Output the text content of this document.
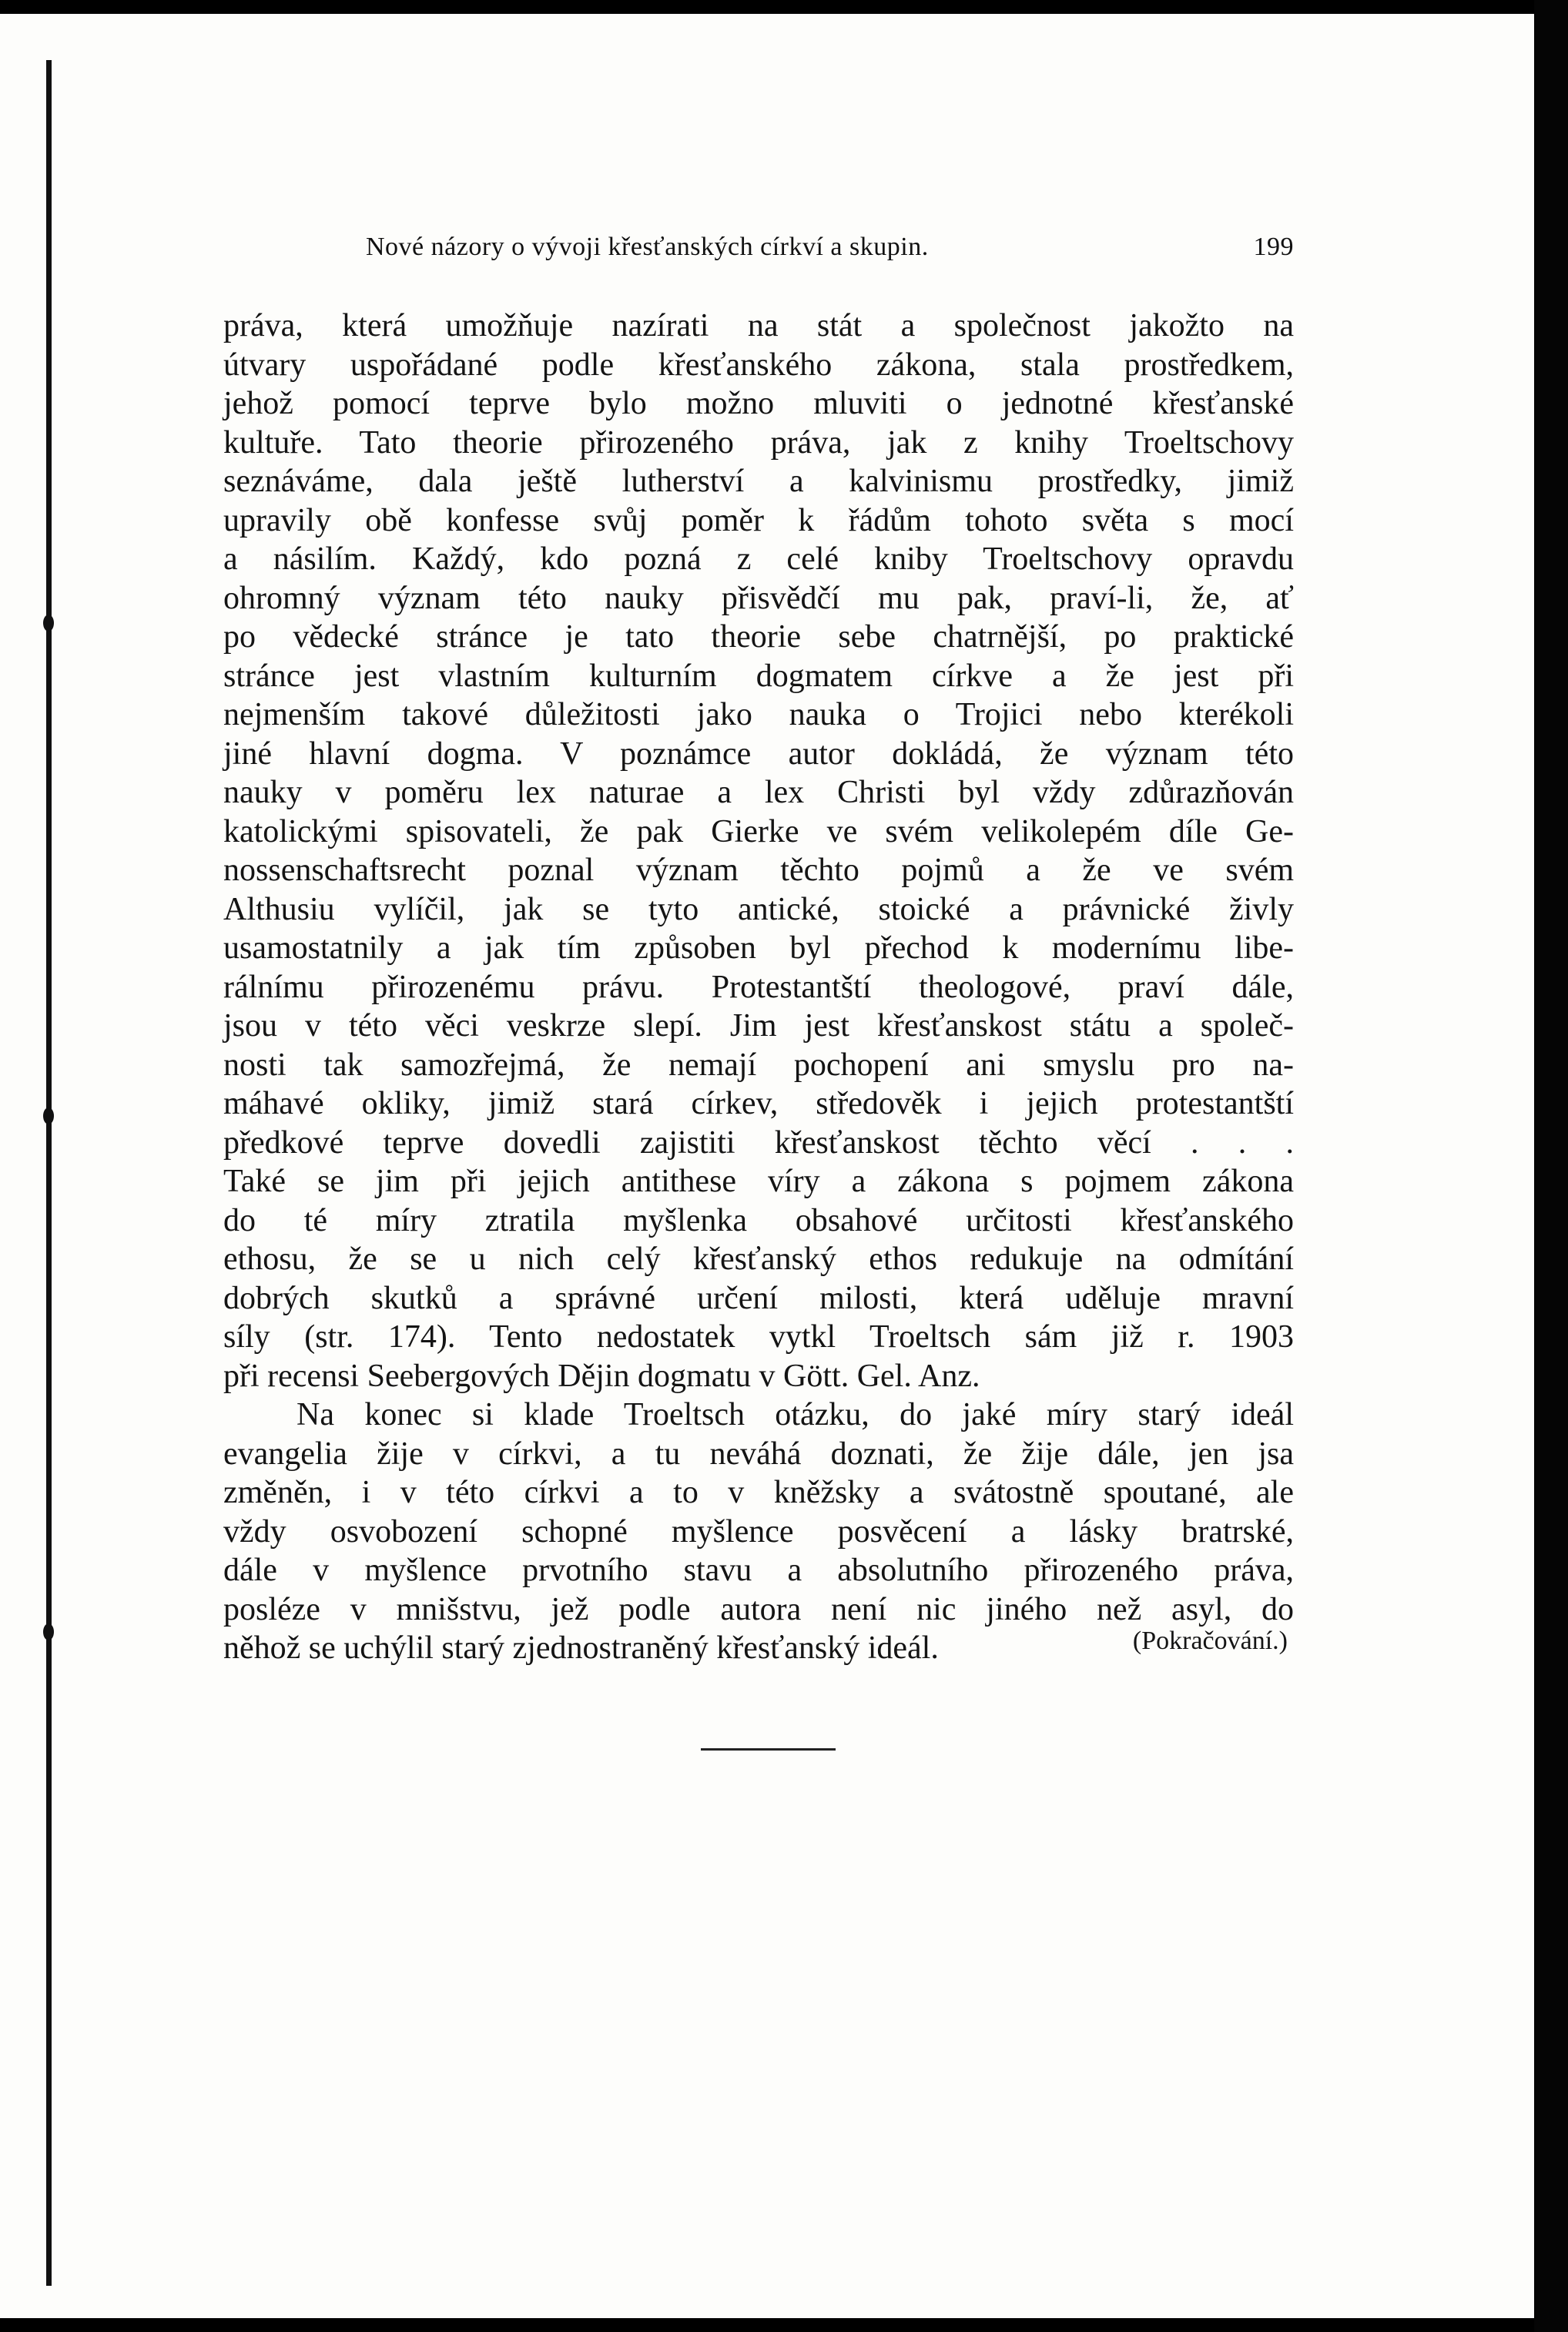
Nové názory o vývoji křesťanských církví a skupin.	199
práva, která umožňuje nazírati na stát a společnost jakožto na
útvary uspořádané podle křesťanského zákona, stala prostředkem,
jehož pomocí teprve bylo možno mluviti o jednotné křesťanské
kultuře. Tato theorie přirozeného práva, jak z knihy Troeltschovy
seznáváme, dala ještě lutherství a kalvinismu prostředky, jimiž
upravily obě konfesse svůj poměr k řádům tohoto světa s mocí
a násilím. Každý, kdo pozná z celé kniby Troeltschovy opravdu
ohromný význam této nauky přisvědčí mu pak, praví-li, že, ať
po vědecké stránce je tato theorie sebe chatrnější, po praktické
stránce jest vlastním kulturním dogmatem církve a že jest při
nejmenším takové důležitosti jako nauka o Trojici nebo kterékoli
jiné hlavní dogma. V poznámce autor dokládá, že význam této
nauky v poměru lex naturae a lex Christi byl vždy zdůrazňován
katolickými spisovateli, že pak Gierke ve svém velikolepém díle Ge-
nossenschaftsrecht poznal význam těchto pojmů a že ve svém
Althusiu vylíčil, jak se tyto antické, stoické a právnické živly
usamostatnily a jak tím způsoben byl přechod k modernímu libe-
rálnímu přirozenému právu. Protestantští theologové, praví dále,
jsou v této věci veskrze slepí. Jim jest křesťanskost státu a společ-
nosti tak samozřejmá, že nemají pochopení ani smyslu pro na-
máhavé okliky, jimiž stará církev, středověk i jejich protestantští
předkové teprve dovedli zajistiti křesťanskost těchto věcí . . .
Také se jim při jejich antithese víry a zákona s pojmem zákona
do té míry ztratila myšlenka obsahové určitosti křesťanského
ethosu, že se u nich celý křesťanský ethos redukuje na odmítání
dobrých skutků a správné určení milosti, která uděluje mravní
síly (str. 174). Tento nedostatek vytkl Troeltsch sám již r. 1903
při recensi Seebergových Dějin dogmatu v Gött. Gel. Anz.
Na konec si klade Troeltsch otázku, do jaké míry starý ideál
evangelia žije v církvi, a tu neváhá doznati, že žije dále, jen jsa
změněn, i v této církvi a to v kněžsky a svátostně spoutané, ale
vždy osvobození schopné myšlence posvěcení a lásky bratrské,
dále v myšlence prvotního stavu a absolutního přirozeného práva,
posléze v mnišstvu, jež podle autora není nic jiného než asyl, do
něhož se uchýlil starý zjednostraněný křesťanský ideál.	(Pokračování.)
